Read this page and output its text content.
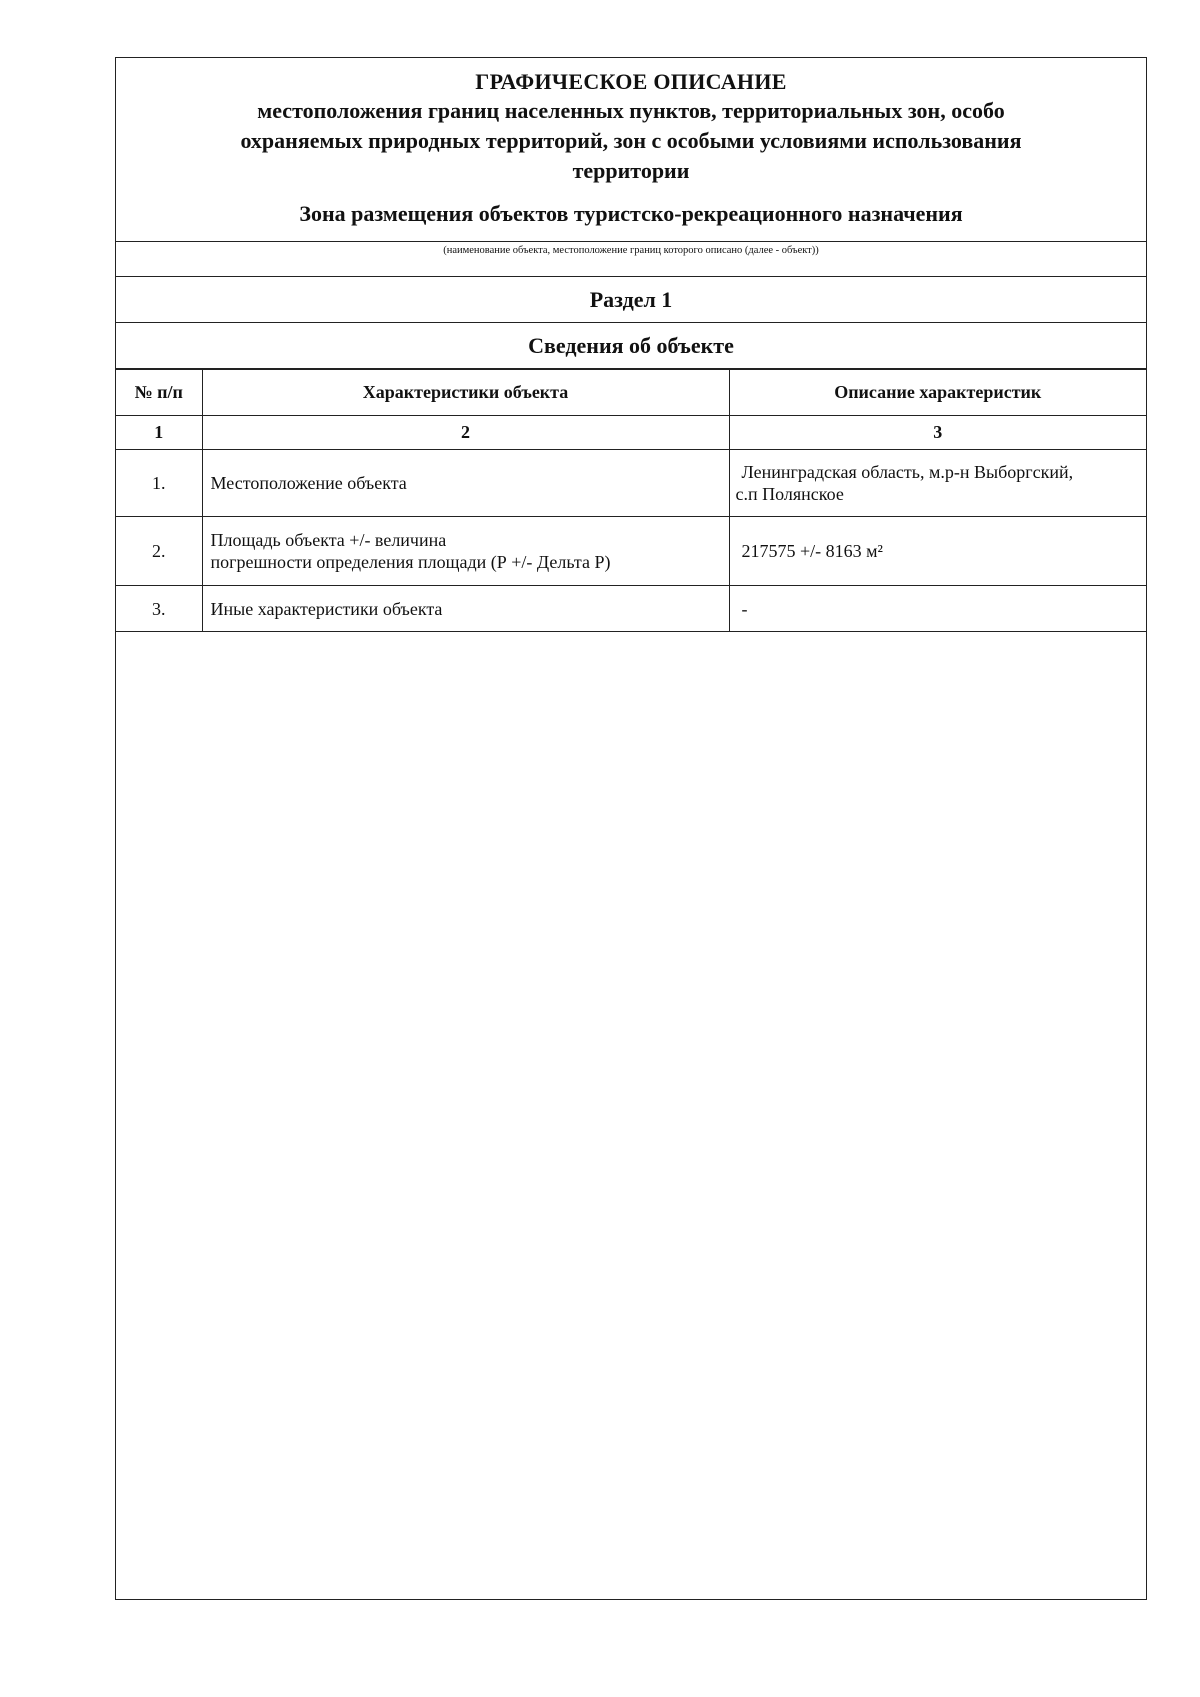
ГРАФИЧЕСКОЕ ОПИСАНИЕ
местоположения границ населенных пунктов, территориальных зон, особо
охраняемых природных территорий, зон с особыми условиями использования
территории
Зона размещения объектов туристско-рекреационного назначения
(наименование объекта, местоположение границ которого описано (далее - объект))
Раздел 1
Сведения об объекте
№ п/п	Характеристики объекта	Описание характеристик
1	2	3
1.	Местоположение объекта	Ленинградская область, м.р-н Выборгский,
с.п Полянское

2.	Площадь объекта +/- величина
погрешности определения площади (Р +/- Дельта Р)	217575 +/- 8163 м²
3.	Иные характеристики объекта	-
